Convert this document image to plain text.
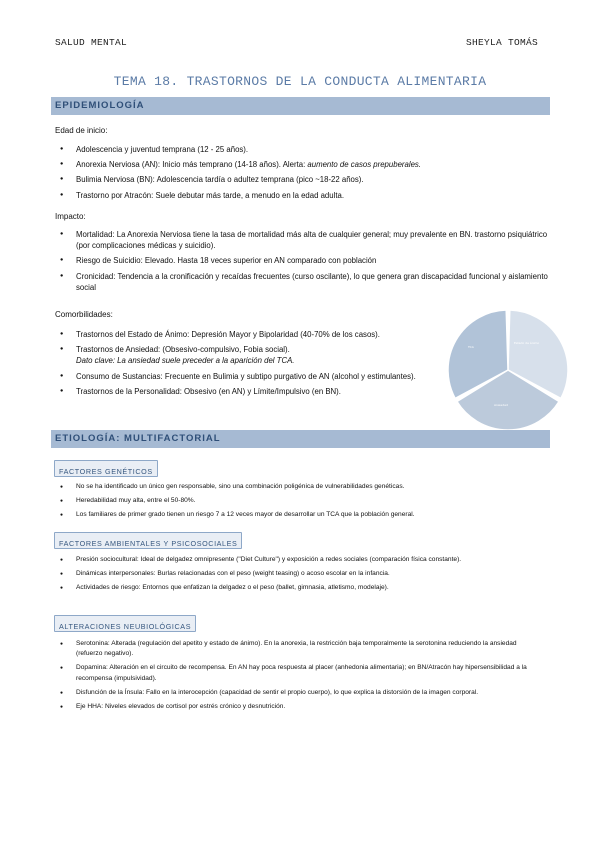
SALUD MENTAL	SHEYLA TOMÁS
TEMA 18. TRASTORNOS DE LA CONDUCTA ALIMENTARIA
EPIDEMIOLOGÍA
Edad de inicio:
● Adolescencia y juventud temprana (12 - 25 años).
● Anorexia Nerviosa (AN): Inicio más temprano (14-18 años). Alerta: aumento de casos prepuberales.
● Bulimia Nerviosa (BN): Adolescencia tardía o adultez temprana (pico ~18-22 años).
● Trastorno por Atracón: Suele debutar más tarde, a menudo en la edad adulta.
Impacto:
● Mortalidad: La Anorexia Nerviosa tiene la tasa de mortalidad más alta de cualquier general; muy prevalente en BN. trastorno psiquiátrico (por complicaciones médicas y suicidio).
● Riesgo de Suicidio: Elevado. Hasta 18 veces superior en AN comparado con población
● Cronicidad: Tendencia a la cronificación y recaídas frecuentes (curso oscilante), lo que genera gran discapacidad funcional y aislamiento social
Comorbilidades:
● Trastornos del Estado de Ánimo: Depresión Mayor y Bipolaridad (40-70% de los casos).
● Trastornos de Ansiedad: (Obsesivo-compulsivo, Fobia social).
Dato clave: La ansiedad suele preceder a la aparición del TCA.
● Consumo de Sustancias: Frecuente en Bulimia y subtipo purgativo de AN (alcohol y estimulantes).
● Trastornos de la Personalidad: Obsesivo (en AN) y Límite/Impulsivo (en BN).
TCA
Estado de ánimo
Ansiedad
ETIOLOGÍA: MULTIFACTORIAL
FACTORES GENÉTICOS
● No se ha identificado un único gen responsable, sino una combinación poligénica de vulnerabilidades genéticas.
● Heredabilidad muy alta, entre el 50-80%.
● Los familiares de primer grado tienen un riesgo 7 a 12 veces mayor de desarrollar un TCA que la población general.
FACTORES AMBIENTALES Y PSICOSOCIALES
● Presión sociocultural: Ideal de delgadez omnipresente ("Diet Culture") y exposición a redes sociales (comparación física constante).
● Dinámicas interpersonales: Burlas relacionadas con el peso (weight teasing) o acoso escolar en la infancia.
● Actividades de riesgo: Entornos que enfatizan la delgadez o el peso (ballet, gimnasia, atletismo, modelaje).
ALTERACIONES NEUBIOLÓGICAS
● Serotonina: Alterada (regulación del apetito y estado de ánimo). En la anorexia, la restricción baja temporalmente la serotonina reduciendo la ansiedad (refuerzo negativo).
● Dopamina: Alteración en el circuito de recompensa. En AN hay poca respuesta al placer (anhedonia alimentaria); en BN/Atracón hay hipersensibilidad a la recompensa (impulsividad).
● Disfunción de la Ínsula: Fallo en la interocepción (capacidad de sentir el propio cuerpo), lo que explica la distorsión de la imagen corporal.
● Eje HHA: Niveles elevados de cortisol por estrés crónico y desnutrición.
